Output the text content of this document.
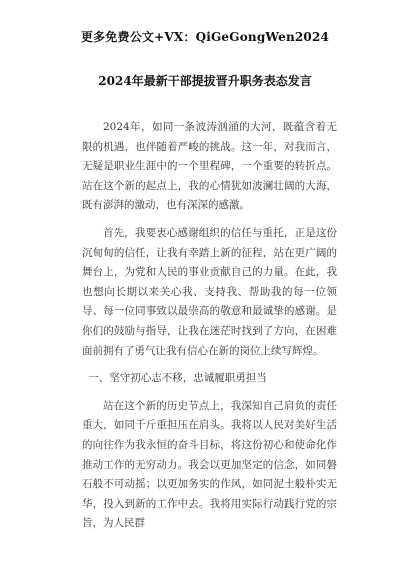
更多免费公文+VX：QiGeGongWen2024
2024年最新干部提拔晋升职务表态发言

2024年，如同一条波涛汹涌的大河，既蕴含着无限的机遇，也伴随着严峻的挑战。这一年，对我而言，无疑是职业生涯中的一个里程碑，一个重要的转折点。站在这个新的起点上，我的心情犹如波澜壮阔的大海，既有澎湃的激动，也有深深的感激。

首先，我要衷心感谢组织的信任与重托，正是这份沉甸甸的信任，让我有幸踏上新的征程，站在更广阔的舞台上，为党和人民的事业贡献自己的力量。在此，我也想向长期以来关心我、支持我、帮助我的每一位领导、每一位同事致以最崇高的敬意和最诚挚的感谢。是你们的鼓励与指导，让我在迷茫时找到了方向，在困难面前拥有了勇气让我有信心在新的岗位上续写辉煌。

一、坚守初心志不移，忠诚履职勇担当

站在这个新的历史节点上，我深知自己肩负的责任重大，如同千斤重担压在肩头。我将以人民对美好生活的向往作为我永恒的奋斗目标，将这份初心和使命化作推动工作的无穷动力。我会以更加坚定的信念，如同磐石般不可动摇；以更加务实的作风，如同泥土般朴实无华，投入到新的工作中去。我将用实际行动践行党的宗旨，为人民群
